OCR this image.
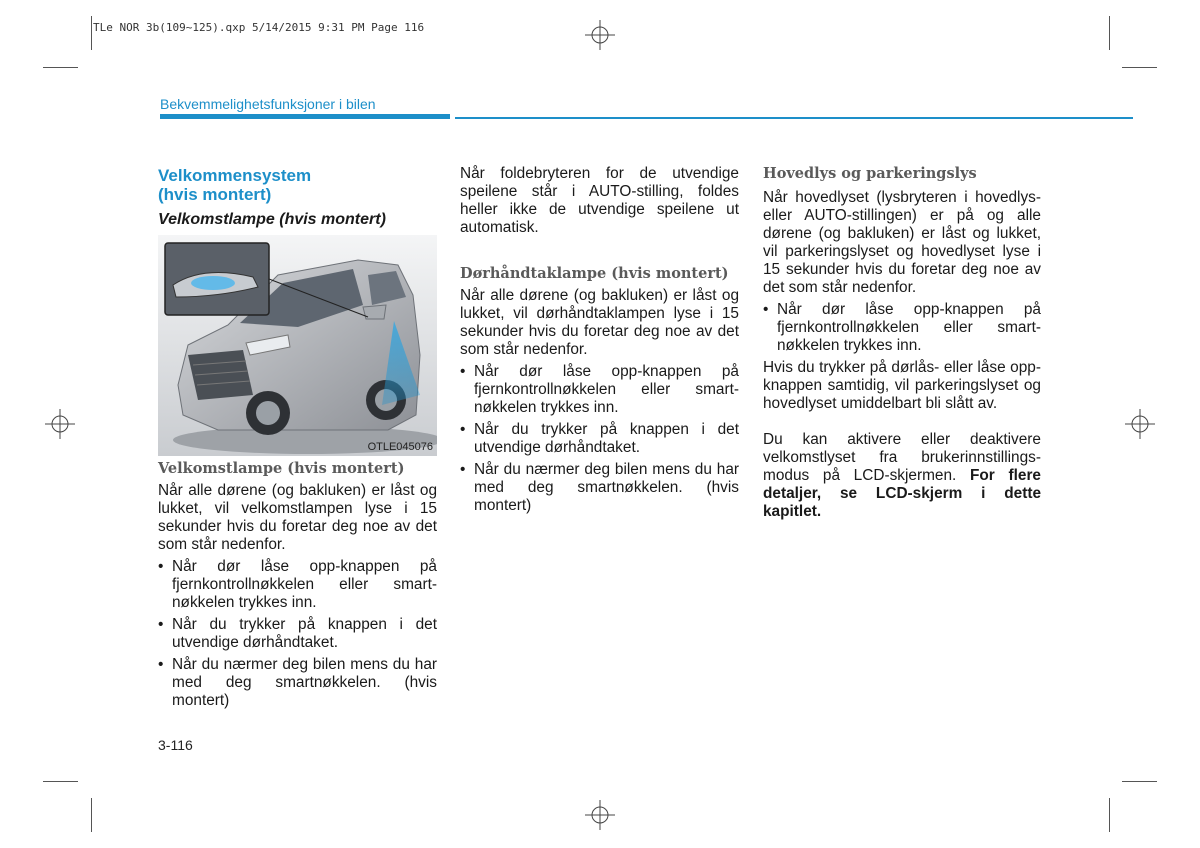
TLe NOR 3b(109~125).qxp 5/14/2015 9:31 PM Page 116
Bekvemmelighetsfunksjoner i bilen

Velkommensystem

(hvis montert)

Velkomstlampe (hvis montert)

OTLE045076

Velkomstlampe (hvis montert)

Når alle dørene (og bakluken) er låst og lukket, vil velkomstlampen lyse i 15 sekunder hvis du foretar deg noe av det som står nedenfor.

• Når dør låse opp-knappen på fjernkontrollnøkkelen eller smart-nøkkelen trykkes inn.
• Når du trykker på knappen i det utvendige dørhåndtaket.
• Når du nærmer deg bilen mens du har med deg smartnøkkelen. (hvis montert)

Når foldebryteren for de utvendige speilene står i AUTO-stilling, foldes heller ikke de utvendige speilene ut automatisk.

Dørhåndtaklampe (hvis montert)

Når alle dørene (og bakluken) er låst og lukket, vil dørhåndtaklampen lyse i 15 sekunder hvis du foretar deg noe av det som står nedenfor.

• Når dør låse opp-knappen på fjernkontrollnøkkelen eller smart-nøkkelen trykkes inn.
• Når du trykker på knappen i det utvendige dørhåndtaket.
• Når du nærmer deg bilen mens du har med deg smartnøkkelen. (hvis montert)

Hovedlys og parkeringslys

Når hovedlyset (lysbryteren i hovedlys- eller AUTO-stillingen) er på og alle dørene (og bakluken) er låst og lukket, vil parkeringslyset og hovedlyset lyse i 15 sekunder hvis du foretar deg noe av det som står nedenfor.

• Når dør låse opp-knappen på fjernkontrollnøkkelen eller smart-nøkkelen trykkes inn.

Hvis du trykker på dørlås- eller låse opp-knappen samtidig, vil parkeringslyset og hovedlyset umiddelbart bli slått av.

Du kan aktivere eller deaktivere velkomstlyset fra brukerinnstillings-modus på LCD-skjermen. For flere detaljer, se LCD-skjerm i dette kapitlet.

3-116
